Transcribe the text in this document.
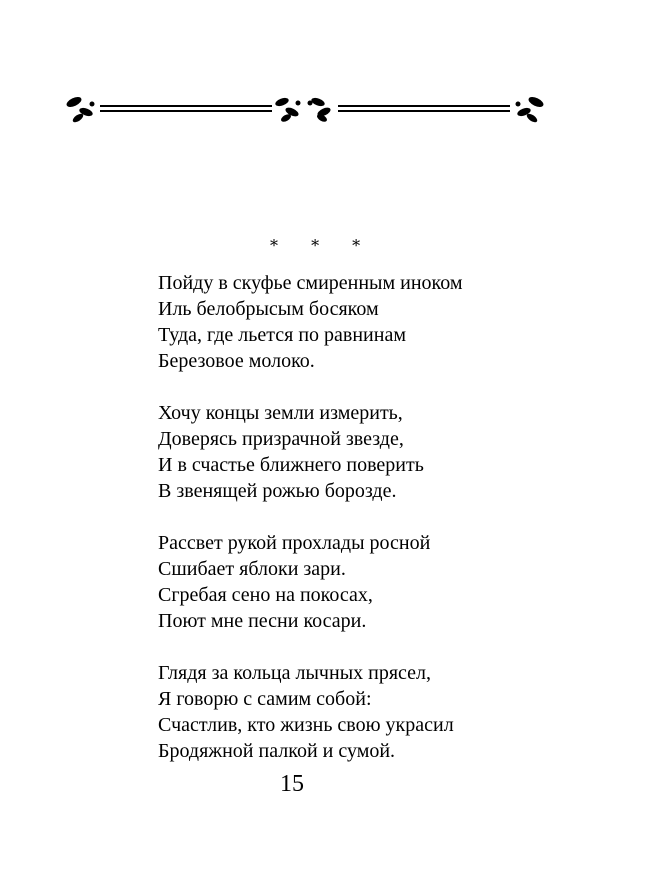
* * *
Пойду в скуфье смиренным иноком
Иль белобрысым босяком
Туда, где льется по равнинам
Березовое молоко.
Хочу концы земли измерить,
Доверясь призрачной звезде,
И в счастье ближнего поверить
В звенящей рожью борозде.
Рассвет рукой прохлады росной
Сшибает яблоки зари.
Сгребая сено на покосах,
Поют мне песни косари.
Глядя за кольца лычных прясел,
Я говорю с самим собой:
Счастлив, кто жизнь свою украсил
Бродяжной палкой и сумой.
15
